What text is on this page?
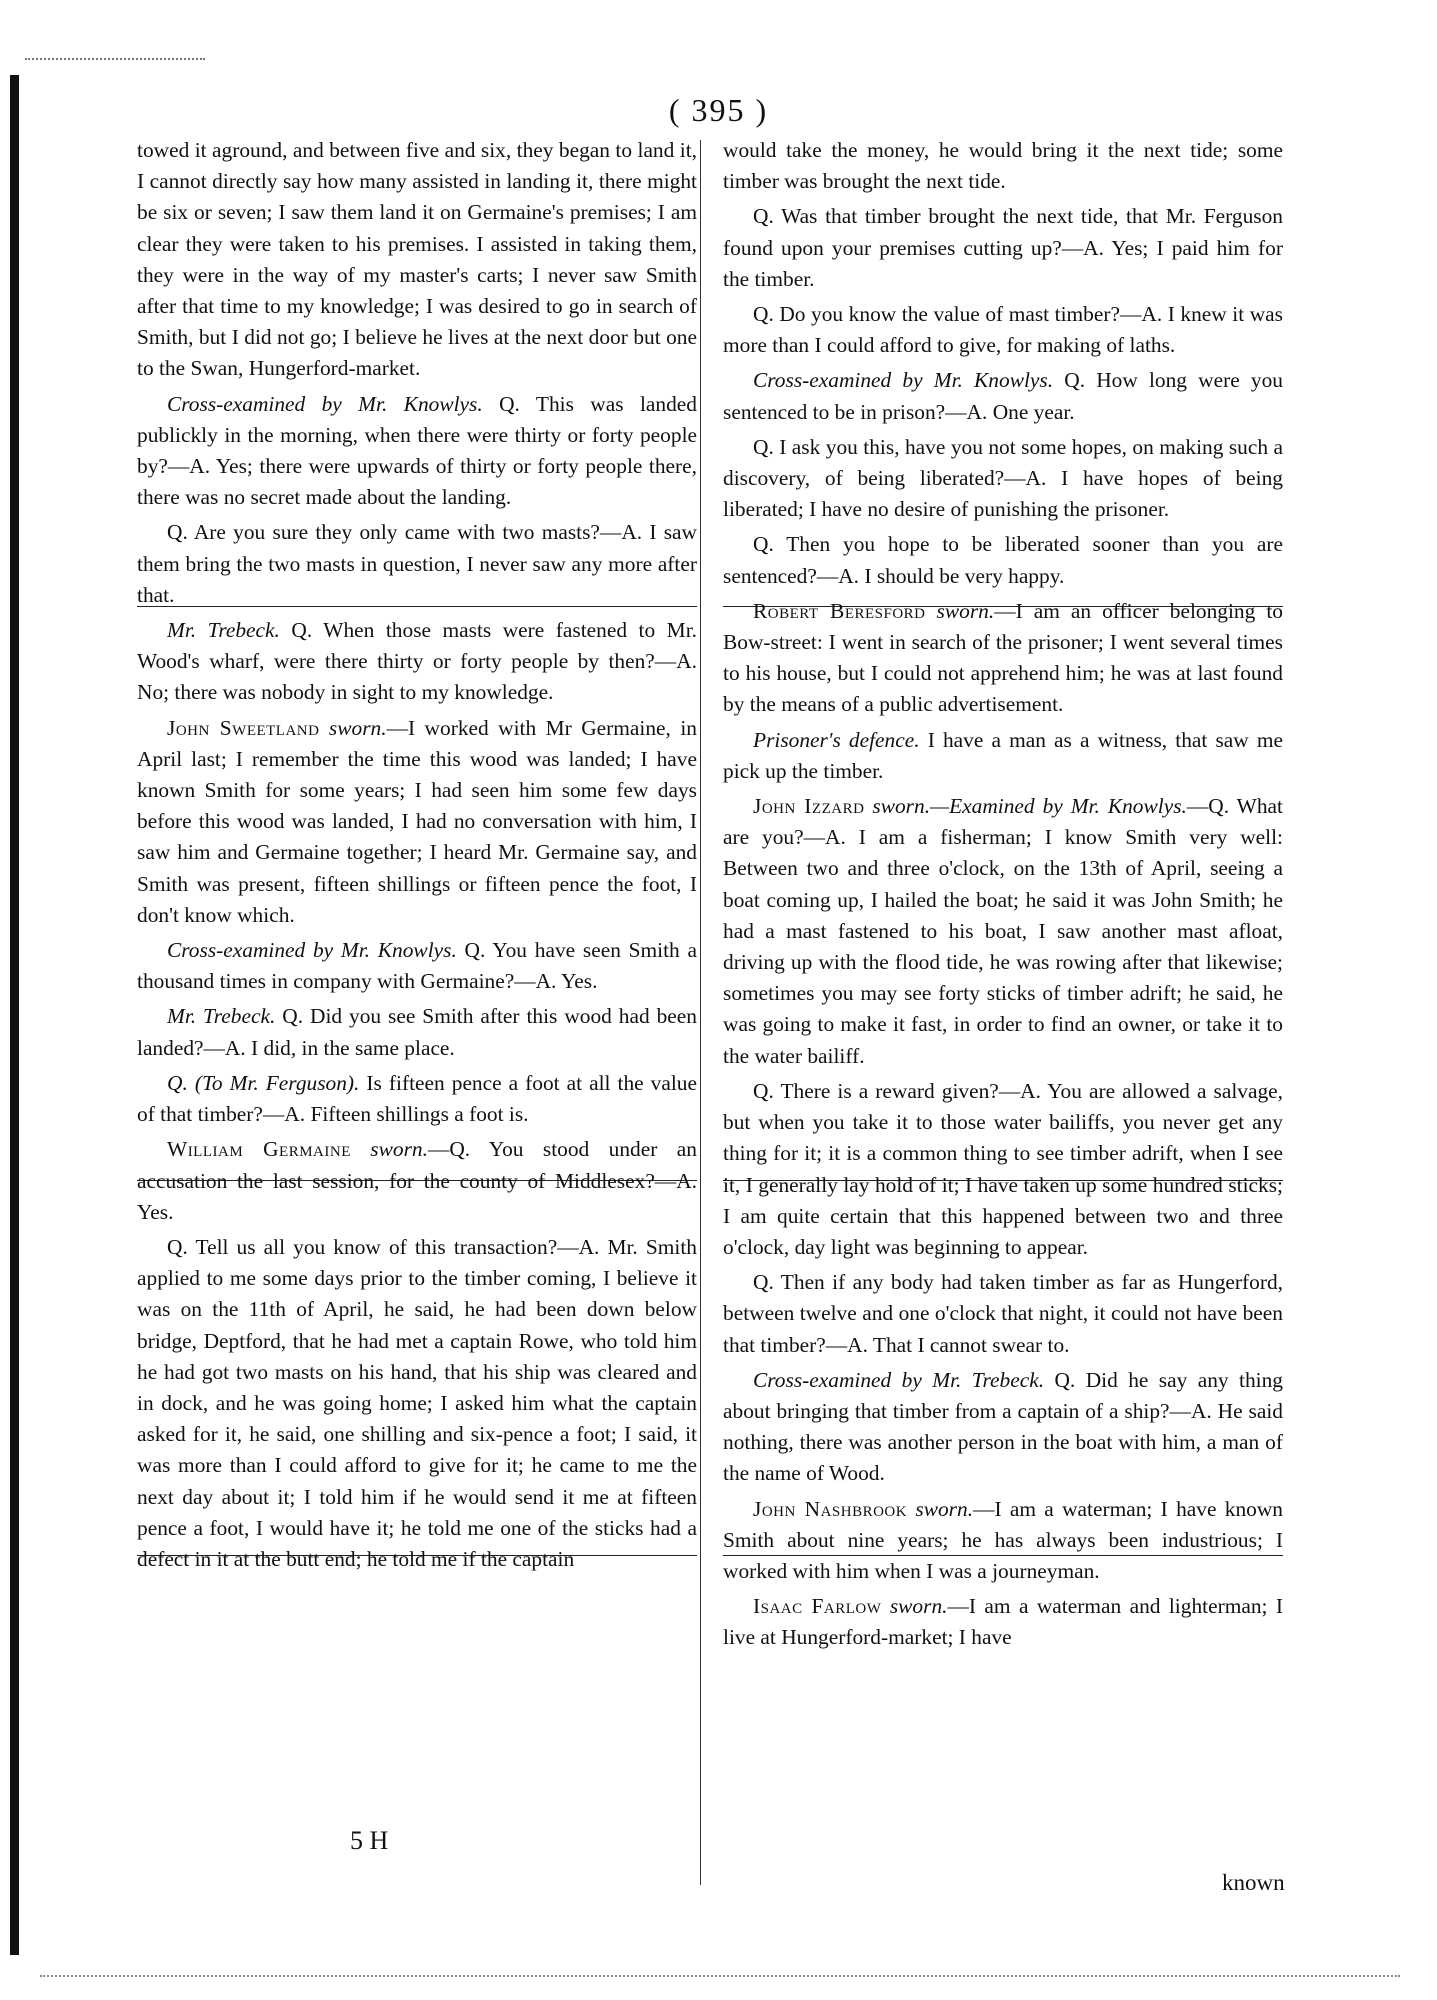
( 395 )

towed it aground, and between five and six, they began to land it, I cannot directly say how many assisted in landing it, there might be six or seven; I saw them land it on Germaine's premises; I am clear they were taken to his premises. I assisted in taking them, they were in the way of my master's carts; I never saw Smith after that time to my knowledge; I was desired to go in search of Smith, but I did not go; I believe he lives at the next door but one to the Swan, Hungerford-market.

Cross-examined by Mr. Knowlys. Q. This was landed publickly in the morning, when there were thirty or forty people by?—A. Yes; there were upwards of thirty or forty people there, there was no secret made about the landing.

Q. Are you sure they only came with two masts?—A. I saw them bring the two masts in question, I never saw any more after that.

Mr. Trebeck. Q. When those masts were fastened to Mr. Wood's wharf, were there thirty or forty people by then?—A. No; there was nobody in sight to my knowledge.

John Sweetland sworn.—I worked with Mr Germaine, in April last; I remember the time this wood was landed; I have known Smith for some years; I had seen him some few days before this wood was landed, I had no conversation with him, I saw him and Germaine together; I heard Mr. Germaine say, and Smith was present, fifteen shillings or fifteen pence the foot, I don't know which.

Cross-examined by Mr. Knowlys. Q. You have seen Smith a thousand times in company with Germaine?—A. Yes.

Mr. Trebeck. Q. Did you see Smith after this wood had been landed?—A. I did, in the same place.

Q. (To Mr. Ferguson). Is fifteen pence a foot at all the value of that timber?—A. Fifteen shillings a foot is.

William Germaine sworn.—Q. You stood under an accusation the last session, for the county of Middlesex?—A. Yes.

Q. Tell us all you know of this transaction?—A. Mr. Smith applied to me some days prior to the timber coming, I believe it was on the 11th of April, he said, he had been down below bridge, Deptford, that he had met a captain Rowe, who told him he had got two masts on his hand, that his ship was cleared and in dock, and he was going home; I asked him what the captain asked for it, he said, one shilling and six-pence a foot; I said, it was more than I could afford to give for it; he came to me the next day about it; I told him if he would send it me at fifteen pence a foot, I would have it; he told me one of the sticks had a defect in it at the butt end; he told me if the captain

would take the money, he would bring it the next tide; some timber was brought the next tide.

Q. Was that timber brought the next tide, that Mr. Ferguson found upon your premises cutting up?—A. Yes; I paid him for the timber.

Q. Do you know the value of mast timber?—A. I knew it was more than I could afford to give, for making of laths.

Cross-examined by Mr. Knowlys. Q. How long were you sentenced to be in prison?—A. One year.

Q. I ask you this, have you not some hopes, on making such a discovery, of being liberated?—A. I have hopes of being liberated; I have no desire of punishing the prisoner.

Q. Then you hope to be liberated sooner than you are sentenced?—A. I should be very happy.

Robert Beresford sworn.—I am an officer belonging to Bow-street: I went in search of the prisoner; I went several times to his house, but I could not apprehend him; he was at last found by the means of a public advertisement.

Prisoner's defence. I have a man as a witness, that saw me pick up the timber.

John Izzard sworn.—Examined by Mr. Knowlys.—Q. What are you?—A. I am a fisherman; I know Smith very well: Between two and three o'clock, on the 13th of April, seeing a boat coming up, I hailed the boat; he said it was John Smith; he had a mast fastened to his boat, I saw another mast afloat, driving up with the flood tide, he was rowing after that likewise; sometimes you may see forty sticks of timber adrift; he said, he was going to make it fast, in order to find an owner, or take it to the water bailiff.

Q. There is a reward given?—A. You are allowed a salvage, but when you take it to those water bailiffs, you never get any thing for it; it is a common thing to see timber adrift, when I see it, I generally lay hold of it; I have taken up some hundred sticks; I am quite certain that this happened between two and three o'clock, day light was beginning to appear.

Q. Then if any body had taken timber as far as Hungerford, between twelve and one o'clock that night, it could not have been that timber?—A. That I cannot swear to.

Cross-examined by Mr. Trebeck. Q. Did he say any thing about bringing that timber from a captain of a ship?—A. He said nothing, there was another person in the boat with him, a man of the name of Wood.

John Nashbrook sworn.—I am a waterman; I have known Smith about nine years; he has always been industrious; I worked with him when I was a journeyman.

Isaac Farlow sworn.—I am a waterman and lighterman; I live at Hungerford-market; I have

5 H
known
